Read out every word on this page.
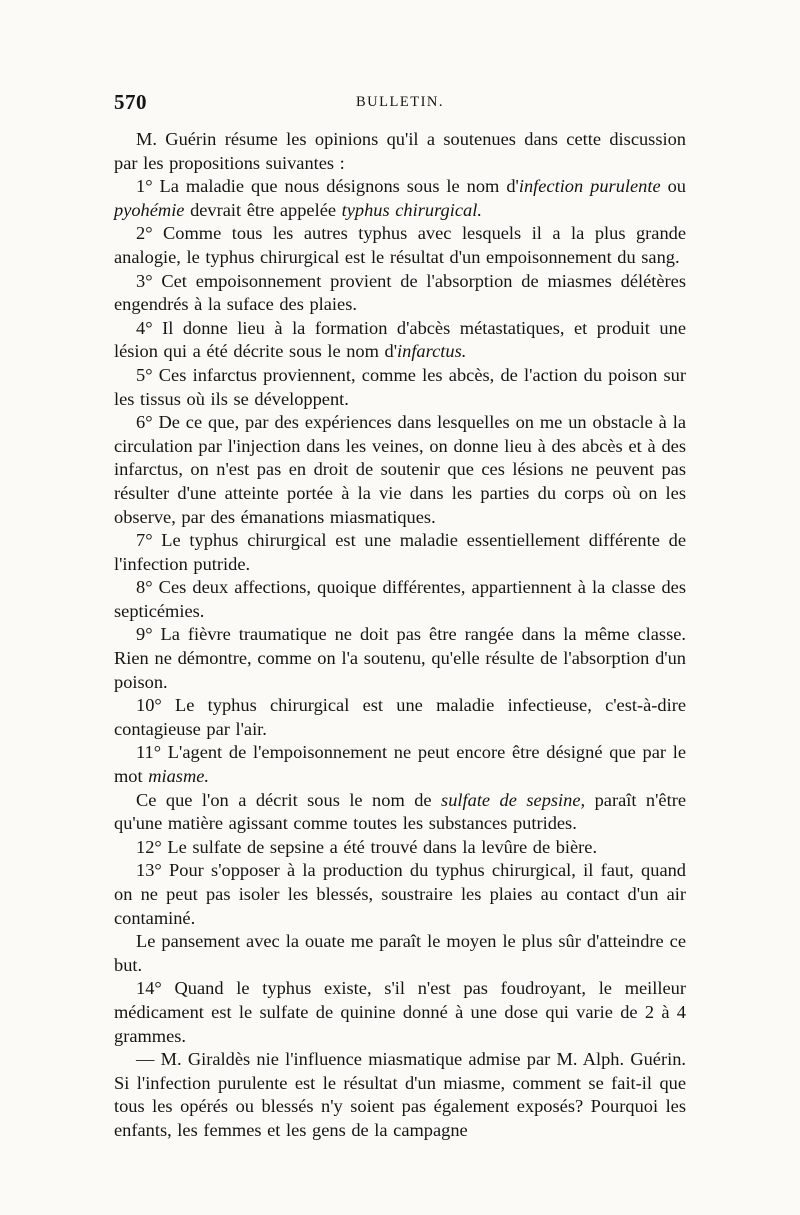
570	BULLETIN.

M. Guérin résume les opinions qu'il a soutenues dans cette discussion par les propositions suivantes :

1° La maladie que nous désignons sous le nom d'infection purulente ou pyohémie devrait être appelée typhus chirurgical.

2° Comme tous les autres typhus avec lesquels il a la plus grande analogie, le typhus chirurgical est le résultat d'un empoisonnement du sang.

3° Cet empoisonnement provient de l'absorption de miasmes délétères engendrés à la suface des plaies.

4° Il donne lieu à la formation d'abcès métastatiques, et produit une lésion qui a été décrite sous le nom d'infarctus.

5° Ces infarctus proviennent, comme les abcès, de l'action du poison sur les tissus où ils se développent.

6° De ce que, par des expériences dans lesquelles on me un obstacle à la circulation par l'injection dans les veines, on donne lieu à des abcès et à des infarctus, on n'est pas en droit de soutenir que ces lésions ne peuvent pas résulter d'une atteinte portée à la vie dans les parties du corps où on les observe, par des émanations miasmatiques.

7° Le typhus chirurgical est une maladie essentiellement différente de l'infection putride.

8° Ces deux affections, quoique différentes, appartiennent à la classe des septicémies.

9° La fièvre traumatique ne doit pas être rangée dans la même classe. Rien ne démontre, comme on l'a soutenu, qu'elle résulte de l'absorption d'un poison.

10° Le typhus chirurgical est une maladie infectieuse, c'est-à-dire contagieuse par l'air.

11° L'agent de l'empoisonnement ne peut encore être désigné que par le mot miasme.

Ce que l'on a décrit sous le nom de sulfate de sepsine, paraît n'être qu'une matière agissant comme toutes les substances putrides.

12° Le sulfate de sepsine a été trouvé dans la levûre de bière.

13° Pour s'opposer à la production du typhus chirurgical, il faut, quand on ne peut pas isoler les blessés, soustraire les plaies au contact d'un air contaminé.

Le pansement avec la ouate me paraît le moyen le plus sûr d'atteindre ce but.

14° Quand le typhus existe, s'il n'est pas foudroyant, le meilleur médicament est le sulfate de quinine donné à une dose qui varie de 2 à 4 grammes.

— M. Giraldès nie l'influence miasmatique admise par M. Alph. Guérin. Si l'infection purulente est le résultat d'un miasme, comment se fait-il que tous les opérés ou blessés n'y soient pas également exposés? Pourquoi les enfants, les femmes et les gens de la campagne
